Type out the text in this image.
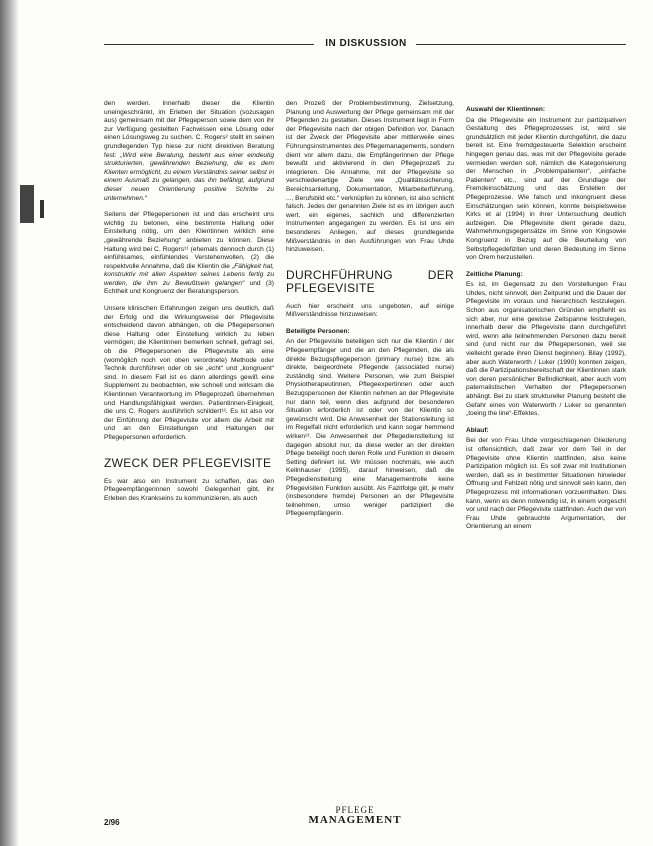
IN DISKUSSION

den werden. Innerhalb dieser die Klientin uneingeschränkt, im Erleben der Situation (sozusagen aus) gemeinsam mit der Pflegeperson sowie dem von ihr zur Verfügung gestellten Fachwissen eine Lösung oder einen Lösungsweg zu suchen. C. Rogers² stellt im seinen grundlegenden Typ hiese zur nicht direktiven Beratung fest: „Wird eine Beratung, besteht aus einer eindeutig strukturierten, gewährenden Beziehung, die es dem Klienten ermöglicht, zu einem Verständnis seiner selbst in einem Ausmaß zu gelangen, das ihn befähigt, aufgrund dieser neuen Orientierung positive Schritte zu unternehmen.“

Seitens der Pflegepersonen ist und das erscheint uns wichtig zu betonen, eine bestimmte Haltung oder Einstellung nötig, um den Klientinnen wirklich eine „gewährende Beziehung“ anbieten zu können. Diese Haltung wird bei C. Rogers¹¹ (ehemals dennoch durch (1) einfühlsames, einfühlendes Verstehenwollen, (2) die respektvolle Annahme, daß die Klientin die „Fähigkeit hat, konstruktiv mit allen Aspekten seines Lebens fertig zu werden, die ihm zu Bewußtsein gelangen“ und (3) Echtheit und Kongruenz der Beratungsperson.

Unsere klinischen Erfahrungen zeigen uns deutlich, daß der Erfolg und die Wirkungsweise der Pflegevisite entscheidend davon abhängen, ob die Pflegepersonen diese Haltung oder Einstellung wirklich zu leben vermögen; die Klientinnen bemerken schnell, gefragt sei, ob die Pflegepersonen die Pflegevisite als eine (womöglich noch von oben verordnete) Methode oder Technik durchführen oder ob sie „echt“ und „kongruent“ sind. In diesem Fall ist es dann allerdings gewiß eine Supplement zu beobachten, wie schnell und wirksam die Klientinnen Verantwortung im Pflegeprozeß übernehmen und Handlungsfähigkeit werden. Patientinnen-Einigkeit, die uns C. Rogers ausführlich schildert¹². Es ist also vor der Einführung der Pflegevisite vor allem die Arbeit mit und an den Einstellungen und Haltungen der Pflegepersonen erforderlich.

ZWECK DER PFLEGEVISITE

Es war also ein Instrument zu schaffen, das den Pflegeempfängerinnen sowohl Gelegenheit gibt, ihr Erleben des Krankseins zu kommunizieren, als auch

den Prozeß der Problembestimmung, Zielsetzung, Planung und Auswertung der Pflege gemeinsam mit der Pflegenden zu gestalten. Dieses Instrument liegt in Form der Pflegevisite nach der obigen Definition vor. Danach ist der Zweck der Pflegevisite aber mittlerweile eines Führungsinstrumentes des Pflegemanagements, sondern dient vor allem dazu, die Empfängerinnen der Pflege bewußt und aktivierend in den Pflegeprozeß zu integrieren. Die Annahme, mit der Pflegevisite so verschiedenartige Ziele wie „Qualitätssicherung, Bereichsanleitung, Dokumentation, Mitarbeiterführung, ..., Berufsbild etc.“ verknüpfen zu können, ist also schlicht falsch. Jedes der genannten Ziele ist es im übrigen auch wert, ein eigenes, sachlich und differenzierten Instrumenten angegangen zu werden. Es ist uns ein besonderes Anliegen, auf dieses grundlegende Mißverständnis in den Ausführungen von Frau Uhde hinzuweisen.

DURCHFÜHRUNG DER PFLEGEVISITE

Auch hier erscheint uns ungeboten, auf einige Mißverständnisse hinzuweisen:

Beteiligte Personen:

An der Pflegevisite beteiligen sich nur die Klientin / der Pflegeempfänger und die an den Pflegenden, die als direkte Bezugspflegeperson (primary nurse) bzw. als direkte, beigeordnete Pflegende (associated nurse) zuständig sind. Weitere Personen, wie zum Beispiel Physiotherapeutinnen, Pflegeexpertinnen oder auch Bezugspersonen der Klientin nehmen an der Pflegevisite nur dann teil, wenn dies aufgrund der besonderen Situation erforderlich ist oder von der Klientin so gewünscht wird. Die Anwesenheit der Stationsleitung ist im Regelfall nicht erforderlich und kann sogar hemmend wirken¹³. Die Anwesenheit der Pflegedienstleitung ist dagegen absolut nur, da diese weder an der direkten Pflege beteiligt noch deren Rolle und Funktion in diesem Setting definiert ist. Wir müssen nochmals, wie auch Kellnhauser (1995), darauf hinweisen, daß die Pflegedienstleitung eine Managementrolle keine Pflegevisiten Funktion ausübt. Als Fazitfolge gilt, je mehr (insbesondere fremde) Personen an der Pflegevisite teilnehmen, umso weniger partizipiert die Pflegeempfängerin.

Auswahl der Klientinnen:

Da die Pflegevisite ein Instrument zur partizipativen Gestaltung des Pflegeprozesses ist, wird sie grundsätzlich mit jeder Klientin durchgeführt, die dazu bereit ist. Eine fremdgesteuerte Selektion erscheint hingegen genau das, was mit der Pflegevisite gerade vermieden werden soll, nämlich die Kategorisierung der Menschen in „Problempatienten“, „einfache Patienten“ etc., sind auf der Grundlage der Fremdeinschätzung und das Erstellen der Pflegeprozesse. Wie falsch und inkongruent diese Einschätzungen sein können, konnte beispielsweise Kirks et al (1994) in ihrer Untersuchung deutlich aufzeigen. Die Pflegevisite dient gerade dazu, Wahrnehmungsgegensätze im Sinne von Kingsowie Kongruenz in Bezug auf die Beurteilung von Selbstpflegedefiziten und deren Bedeutung im Sinne von Orem herzustellen.

Zeitliche Planung:

Es ist, im Gegensatz zu den Vorstellungen Frau Uhdes, nicht sinnvoll, den Zeitpunkt und die Dauer der Pflegevisite im voraus und hierarchisch festzulegen. Schon aus organisatorischen Gründen empfiehlt es sich aber, nur eine gewisse Zeitspanne festzulegen, innerhalb derer die Pflegevisite dann durchgeführt wird, wenn alle teilnehmenden Personen dazu bereit sind (und nicht nur die Pflegepersonen, weil sie vielleicht gerade ihren Dienst beginnen). Bilay (1992), aber auch Waterworth / Luker (1990) konnten zeigen, daß die Partizipationsbereitschaft der Klientinnen stark von deren persönlicher Befindlichkeit, aber auch vom paternalistischen Verhalten der Pflegepersonen abhängt. Bei zu stark struktureller Planung besteht die Gefahr eines von Waterworth / Luker so genannten „toeing the line“-Effektes.

Ablauf:

Bei der von Frau Uhde vorgeschlagenen Gliederung ist offensichtlich, daß zwar vor dem Teil in der Pflegevisite ohne Klientin stattfinden, also keine Partizipation möglich ist. Es soll zwar mit Institutionen werden, daß es in bestimmter Situationen hinwieder Öffnung und Fehlzeit nötig und sinnvoll sein kann, den Pflegeprozess mit informationen vorzuenthalten. Dies kann, wenn es denn notwendig ist, in einem vorgeschl vor und nach der Pflegevisite stattfinden. Auch der von Frau Uhde gebrauchte Argumentation, der Orientierung an einem

2/96
PFLEGE
MANAGEMENT
